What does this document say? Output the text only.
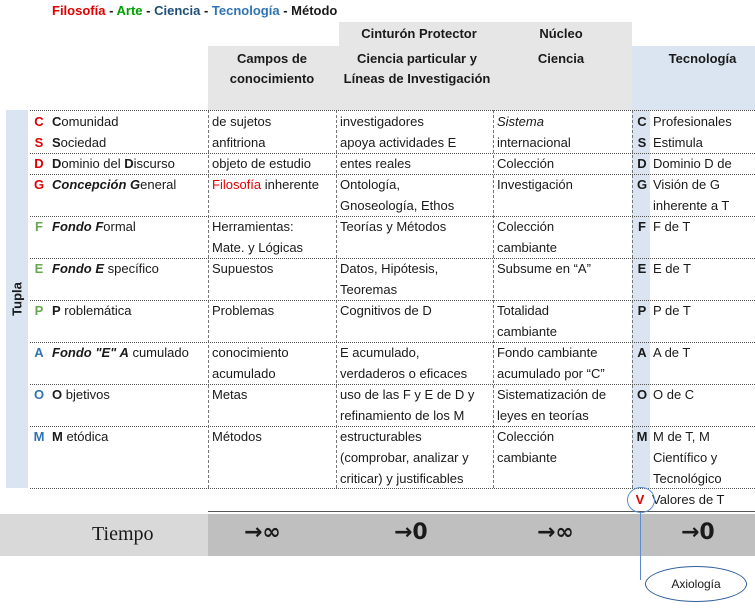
Filosofía - Arte - Ciencia - Tecnología - Método
Cinturón Protector	Núcleo
Campos de conocimiento
Ciencia particular y Líneas de Investigación
Ciencia	Tecnología
Tupla
C Comunidad	de sujetos
anfitriona
investigadores
apoya actividades E
Sistema
internacional
C Profesionales
S Sociedad	S Estimula
D Dominio del Discurso	objeto de estudio entes reales	Colección	D Dominio D de
G Concepción General	Filosofía inherente Ontología,
Gnoseología, Ethos
Investigación	G Visión de G
inherente a T
F Fondo Formal	Herramientas:
Mate. y Lógicas
Teorías y Métodos	Colección
cambiante
F F de T
E Fondo E specífico	Supuestos	Datos, Hipótesis,
Teoremas
Subsume en “A”	E E de T
P P roblemática	Problemas	Cognitivos de D	Totalidad
cambiante
P P de T
A Fondo "E" A cumulado conocimiento
acumulado
E acumulado,
verdaderos o eficaces
Fondo cambiante
acumulado por “C”
A A de T
O O bjetivos	Metas	uso de las F y E de D y
refinamiento de los M
Sistematización de
leyes en teorías
O O de C
M M etódica	Métodos	estructurables
(comprobar, analizar y
criticar) y justificables
Colección
cambiante
M M de T, M
Científico y
Tecnológico
V Valores de T
Tiempo	→∞	→0	→∞	→0
Axiología
